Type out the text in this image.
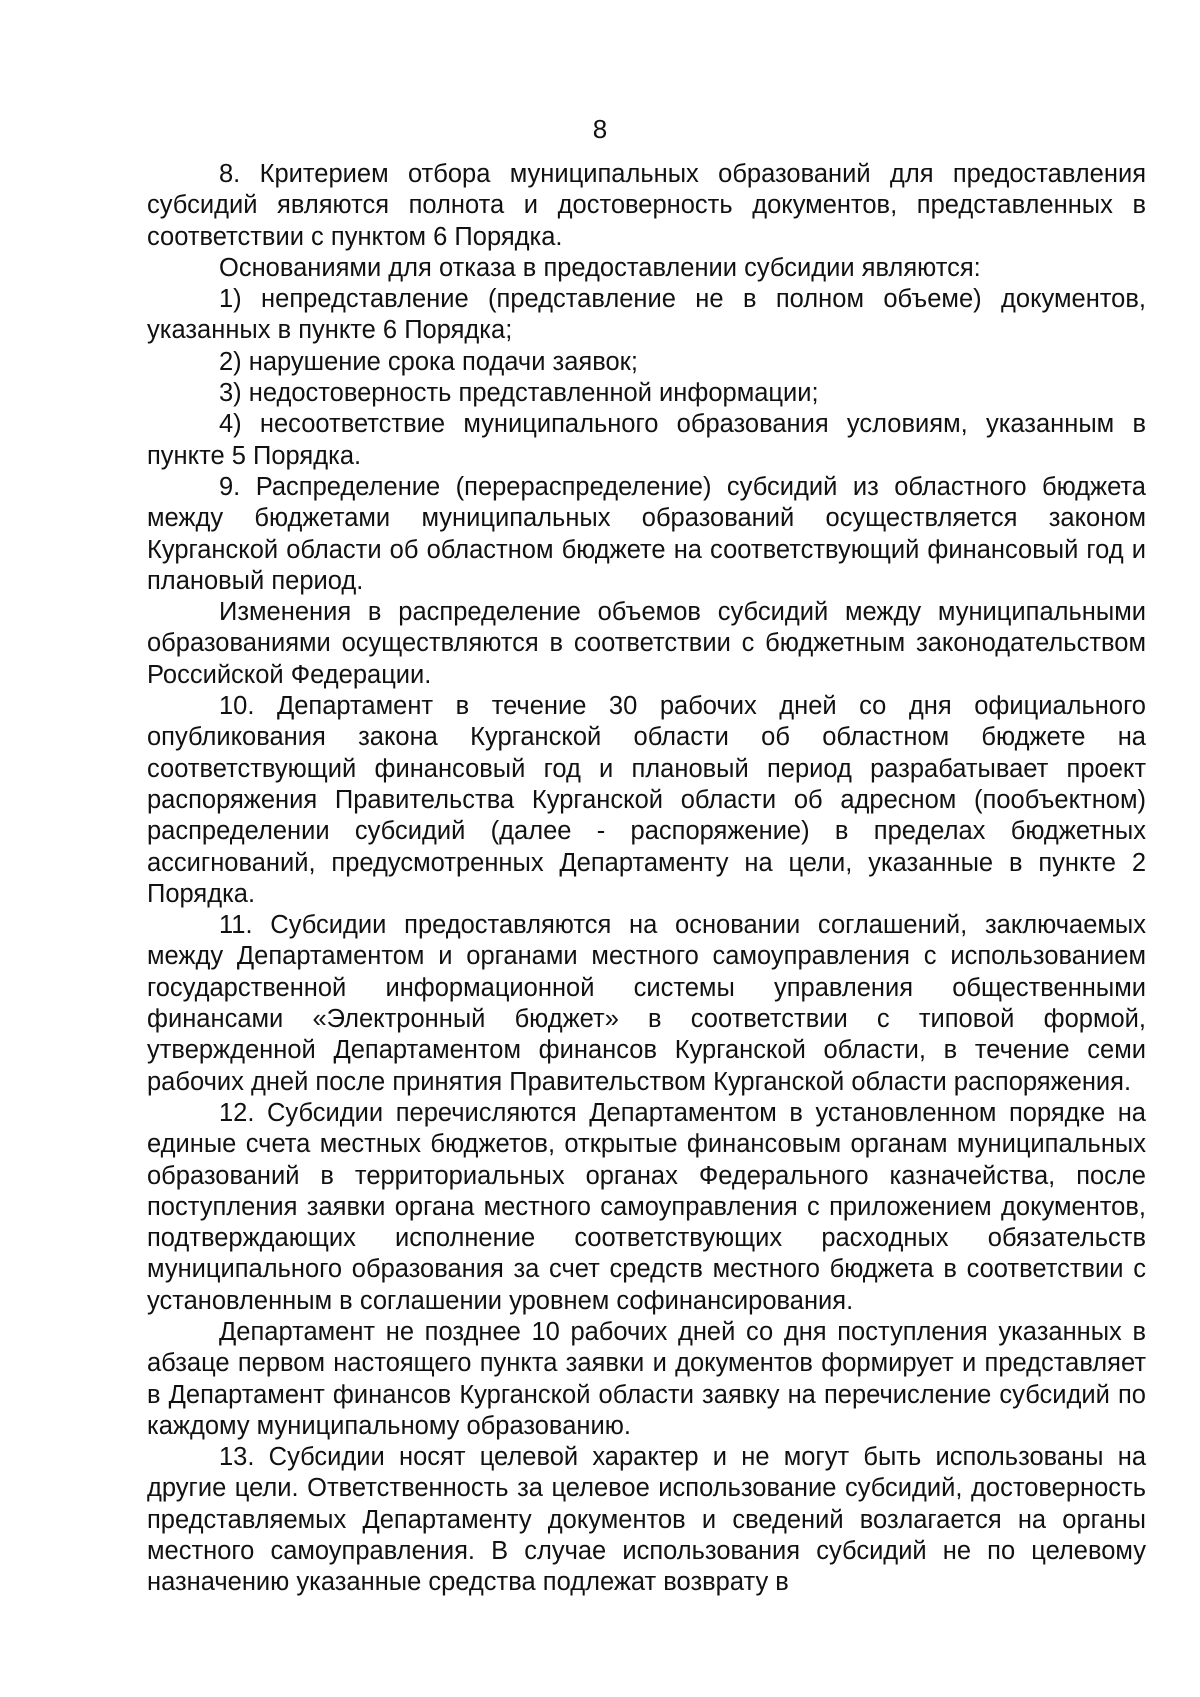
8

8. Критерием отбора муниципальных образований для предоставления субсидий являются полнота и достоверность документов, представленных в соответствии с пунктом 6 Порядка.

Основаниями для отказа в предоставлении субсидии являются:

1) непредставление (представление не в полном объеме) документов, указанных в пункте 6 Порядка;

2) нарушение срока подачи заявок;

3) недостоверность представленной информации;

4) несоответствие муниципального образования условиям, указанным в пункте 5 Порядка.

9. Распределение (перераспределение) субсидий из областного бюджета между бюджетами муниципальных образований осуществляется законом Курганской области об областном бюджете на соответствующий финансовый год и плановый период.

Изменения в распределение объемов субсидий между муниципальными образованиями осуществляются в соответствии с бюджетным законодательством Российской Федерации.

10. Департамент в течение 30 рабочих дней со дня официального опубликования закона Курганской области об областном бюджете на соответствующий финансовый год и плановый период разрабатывает проект распоряжения Правительства Курганской области об адресном (пообъектном) распределении субсидий (далее - распоряжение) в пределах бюджетных ассигнований, предусмотренных Департаменту на цели, указанные в пункте 2 Порядка.

11. Субсидии предоставляются на основании соглашений, заключаемых между Департаментом и органами местного самоуправления с использованием государственной информационной системы управления общественными финансами «Электронный бюджет» в соответствии с типовой формой, утвержденной Департаментом финансов Курганской области, в течение семи рабочих дней после принятия Правительством Курганской области распоряжения.

12. Субсидии перечисляются Департаментом в установленном порядке на единые счета местных бюджетов, открытые финансовым органам муниципальных образований в территориальных органах Федерального казначейства, после поступления заявки органа местного самоуправления с приложением документов, подтверждающих исполнение соответствующих расходных обязательств муниципального образования за счет средств местного бюджета в соответствии с установленным в соглашении уровнем софинансирования.

Департамент не позднее 10 рабочих дней со дня поступления указанных в абзаце первом настоящего пункта заявки и документов формирует и представляет в Департамент финансов Курганской области заявку на перечисление субсидий по каждому муниципальному образованию.

13. Субсидии носят целевой характер и не могут быть использованы на другие цели. Ответственность за целевое использование субсидий, достоверность представляемых Департаменту документов и сведений возлагается на органы местного самоуправления. В случае использования субсидий не по целевому назначению указанные средства подлежат возврату в
